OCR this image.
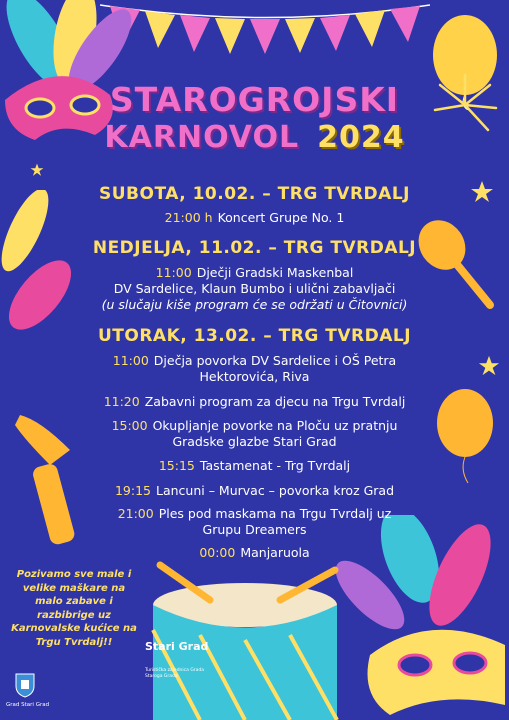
STAROGROJSKI
KARNOVOL 2024
SUBOTA, 10.02. – TRG TVRDALJ
21:00 h Koncert Grupe No. 1
NEDJELJA, 11.02. – TRG TVRDALJ
11:00 Dječji Gradski Maskenbal
DV Sardelice, Klaun Bumbo i ulični zabavljači
(u slučaju kiše program će se održati u Čitovnici)
UTORAK, 13.02. – TRG TVRDALJ
11:00 Dječja povorka DV Sardelice i OŠ Petra
Hektorovića, Riva
11:20 Zabavni program za djecu na Trgu Tvrdalj
15:00 Okupljanje povorke na Ploču uz pratnju
Gradske glazbe Stari Grad
15:15 Tastamenat - Trg Tvrdalj
19:15 Lancuni – Murvac – povorka kroz Grad
21:00 Ples pod maskama na Trgu Tvrdalj uz
Grupu Dreamers
00:00 Manjaruola
Pozivamo sve male i velike maškare na malo zabave i razbibrige uz Karnovalske kućice na Trgu Tvrdalj!!
Grad Stari Grad
Stari Grad
Turistička zajednica Grada Staroga Grada
